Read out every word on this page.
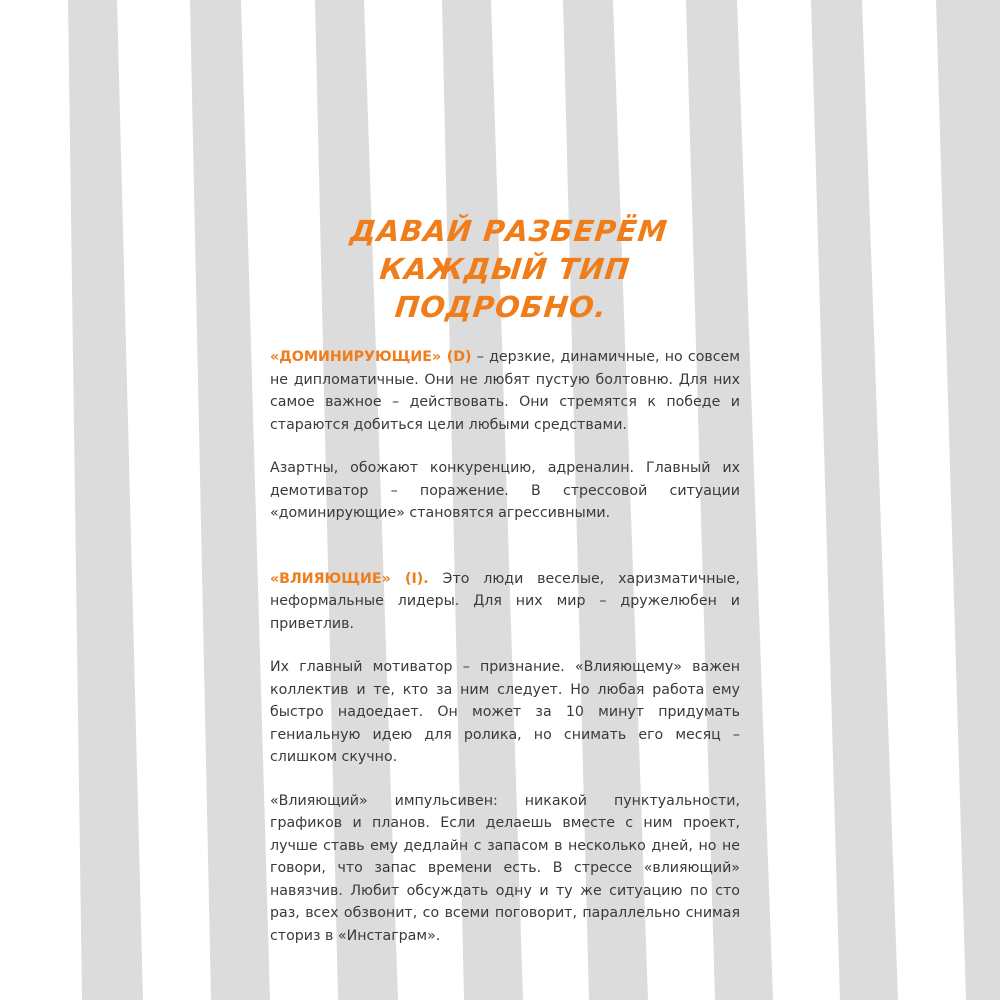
ДАВАЙ РАЗБЕРЁМ КАЖДЫЙ ТИП
ПОДРОБНО.

«ДОМИНИРУЮЩИЕ» (D) – дерзкие, динамичные, но совсем не дипломатичные. Они не любят пустую болтовню. Для них самое важное – действовать. Они стремятся к победе и стараются добиться цели любыми средствами.

Азартны, обожают конкуренцию, адреналин. Главный их демотиватор – поражение. В стрессовой ситуации «доминирующие» становятся агрессивными.

«ВЛИЯЮЩИЕ» (I). Это люди веселые, харизматичные, неформальные лидеры. Для них мир – дружелюбен и приветлив.

Их главный мотиватор – признание. «Влияющему» важен коллектив и те, кто за ним следует. Но любая работа ему быстро надоедает. Он может за 10 минут придумать гениальную идею для ролика, но снимать его месяц – слишком скучно.

«Влияющий» импульсивен: никакой пунктуальности, графиков и планов. Если делаешь вместе с ним проект, лучше ставь ему дедлайн с запасом в несколько дней, но не говори, что запас времени есть. В стрессе «влияющий» навязчив. Любит обсуждать одну и ту же ситуацию по сто раз, всех обзвонит, со всеми поговорит, параллельно снимая сториз в «Инстаграм».
